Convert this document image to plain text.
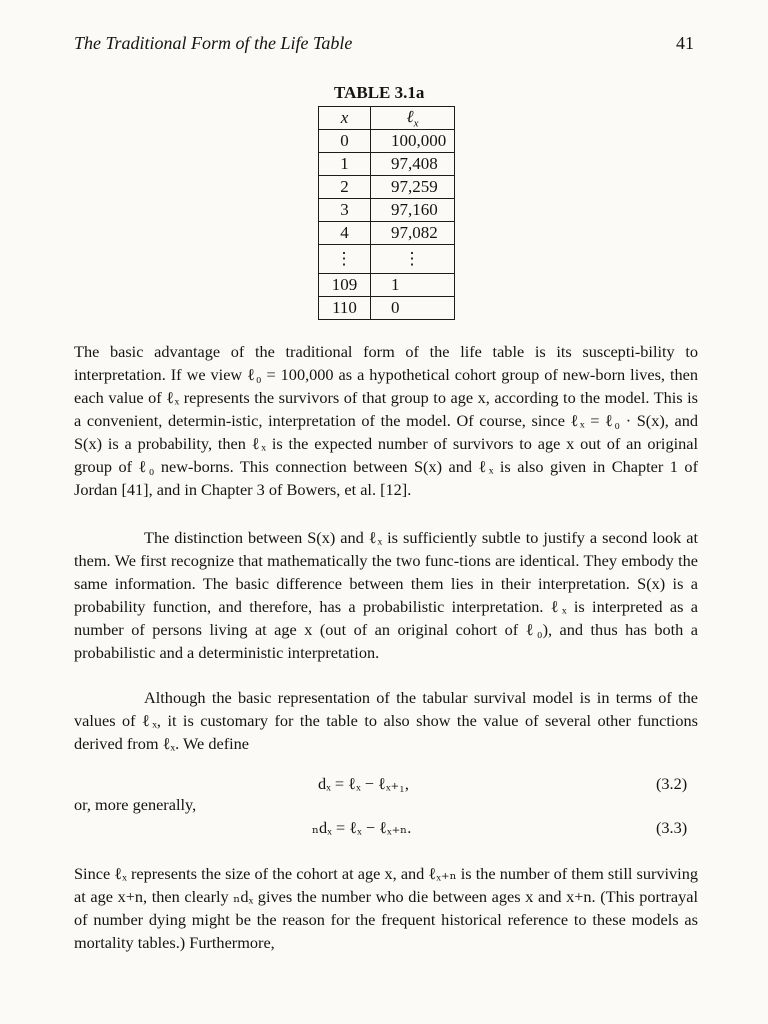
The Traditional Form of the Life Table	41
TABLE 3.1a
x	ℓ$_x$
0	100,000
1	97,408
2	97,259
3	97,160
4	97,082
⋮	⋮
109	1
110	0

The basic advantage of the traditional form of the life table is its suscepti-bility to interpretation. If we view ℓ₀ = 100,000 as a hypothetical cohort group of new-born lives, then each value of ℓₓ represents the survivors of that group to age x, according to the model. This is a convenient, determin-istic, interpretation of the model. Of course, since ℓₓ = ℓ₀ · S(x), and S(x) is a probability, then ℓₓ is the expected number of survivors to age x out of an original group of ℓ₀ new-borns. This connection between S(x) and ℓₓ is also given in Chapter 1 of Jordan [41], and in Chapter 3 of Bowers, et al. [12].

The distinction between S(x) and ℓₓ is sufficiently subtle to justify a second look at them. We first recognize that mathematically the two func-tions are identical. They embody the same information. The basic difference between them lies in their interpretation. S(x) is a probability function, and therefore, has a probabilistic interpretation. ℓₓ is interpreted as a number of persons living at age x (out of an original cohort of ℓ₀), and thus has both a probabilistic and a deterministic interpretation.

Although the basic representation of the tabular survival model is in terms of the values of ℓₓ, it is customary for the table to also show the value of several other functions derived from ℓₓ. We define

dₓ = ℓₓ − ℓₓ₊₁,	(3.2)
or, more generally,
ₙdₓ = ℓₓ − ℓₓ₊ₙ.	(3.3)

Since ℓₓ represents the size of the cohort at age x, and ℓₓ₊ₙ is the number of them still surviving at age x+n, then clearly ₙdₓ gives the number who die between ages x and x+n. (This portrayal of number dying might be the reason for the frequent historical reference to these models as mortality tables.) Furthermore,
